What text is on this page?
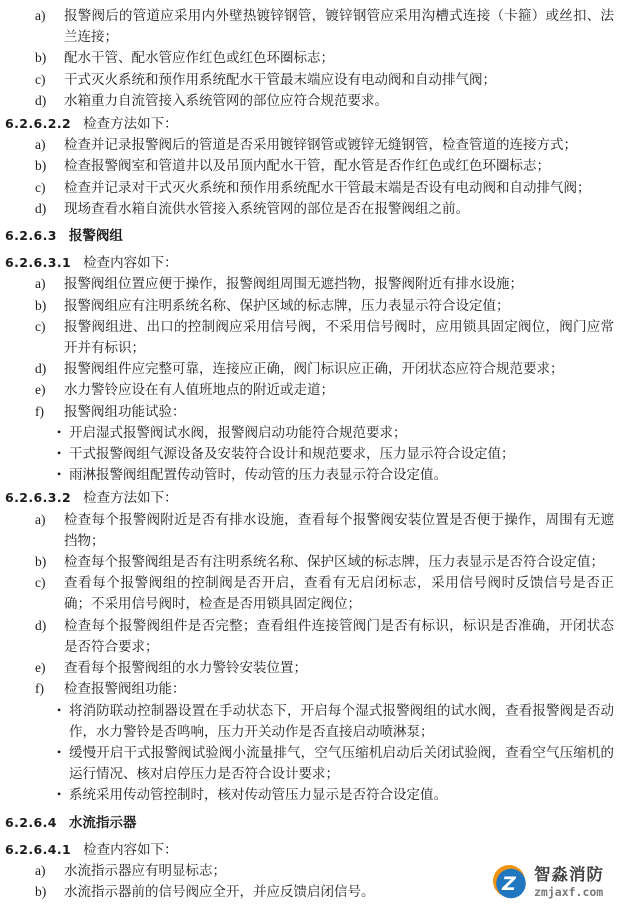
a)	报警阀后的管道应采用内外壁热镀锌钢管，镀锌钢管应采用沟槽式连接（卡箍）或丝扣、法兰连接；
b)	配水干管、配水管应作红色或红色环圈标志；
c)	干式灭火系统和预作用系统配水干管最末端应设有电动阀和自动排气阀；
d)	水箱重力自流管接入系统管网的部位应符合规范要求。
6.2.6.2.2 检查方法如下：
a)	检查并记录报警阀后的管道是否采用镀锌钢管或镀锌无缝钢管，检查管道的连接方式；
b)	检查报警阀室和管道井以及吊顶内配水干管，配水管是否作红色或红色环圈标志；
c)	检查并记录对干式灭火系统和预作用系统配水干管最末端是否设有电动阀和自动排气阀；
d)	现场查看水箱自流供水管接入系统管网的部位是否在报警阀组之前。
6.2.6.3 报警阀组
6.2.6.3.1 检查内容如下：
a)	报警阀组位置应便于操作，报警阀组周围无遮挡物，报警阀附近有排水设施；
b)	报警阀组应有注明系统名称、保护区域的标志牌，压力表显示符合设定值；
c)	报警阀组进、出口的控制阀应采用信号阀，不采用信号阀时，应用锁具固定阀位，阀门应常开并有标识；
d)	报警阀组件应完整可靠，连接应正确，阀门标识应正确，开闭状态应符合规范要求；
e)	水力警铃应设在有人值班地点的附近或走道；
f)	报警阀组功能试验：
• 开启湿式报警阀试水阀，报警阀启动功能符合规范要求；
• 干式报警阀组气源设备及安装符合设计和规范要求，压力显示符合设定值；
• 雨淋报警阀组配置传动管时，传动管的压力表显示符合设定值。
6.2.6.3.2 检查方法如下：
a)	检查每个报警阀附近是否有排水设施，查看每个报警阀安装位置是否便于操作，周围有无遮挡物；
b)	检查每个报警阀组是否有注明系统名称、保护区域的标志牌，压力表显示是否符合设定值；
c)	查看每个报警阀组的控制阀是否开启，查看有无启闭标志，采用信号阀时反馈信号是否正确；不采用信号阀时，检查是否用锁具固定阀位；
d)	检查每个报警阀组件是否完整；查看组件连接管阀门是否有标识，标识是否准确，开闭状态是否符合要求；
e)	查看每个报警阀组的水力警铃安装位置；
f)	检查报警阀组功能：
• 将消防联动控制器设置在手动状态下，开启每个湿式报警阀组的试水阀，查看报警阀是否动作，水力警铃是否鸣响，压力开关动作是否直接启动喷淋泵；
• 缓慢开启干式报警阀试验阀小流量排气，空气压缩机启动后关闭试验阀，查看空气压缩机的运行情况、核对启停压力是否符合设计要求；
• 系统采用传动管控制时，核对传动管压力显示是否符合设定值。
6.2.6.4 水流指示器
6.2.6.4.1 检查内容如下：
a)	水流指示器应有明显标志；
b)	水流指示器前的信号阀应全开，并应反馈启闭信号。	Z 智淼消防
zmjaxf.com
